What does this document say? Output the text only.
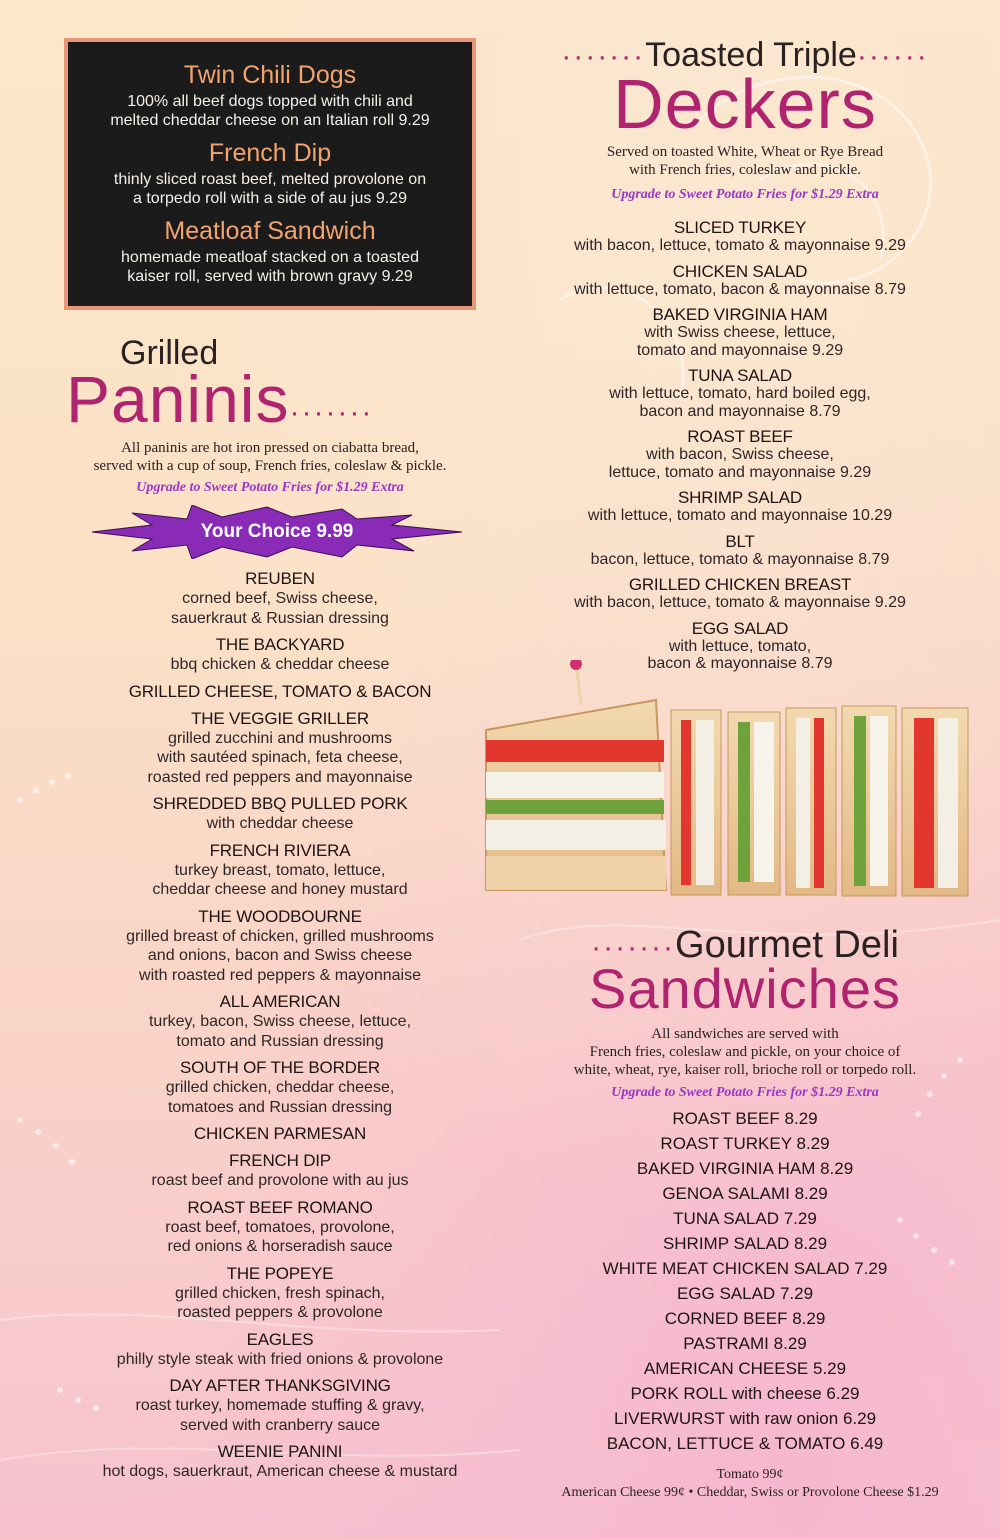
Twin Chili Dogs
100% all beef dogs topped with chili and
melted cheddar cheese on an Italian roll 9.29
French Dip
thinly sliced roast beef, melted provolone on
a torpedo roll with a side of au jus 9.29
Meatloaf Sandwich
homemade meatloaf stacked on a toasted
kaiser roll, served with brown gravy 9.29
Grilled
Paninis·······
All paninis are hot iron pressed on ciabatta bread,
served with a cup of soup, French fries, coleslaw & pickle.
Upgrade to Sweet Potato Fries for $1.29 Extra
Your Choice 9.99
REUBEN
corned beef, Swiss cheese,
sauerkraut & Russian dressing
THE BACKYARD
bbq chicken & cheddar cheese
GRILLED CHEESE, TOMATO & BACON
THE VEGGIE GRILLER
grilled zucchini and mushrooms
with sautéed spinach, feta cheese,
roasted red peppers and mayonnaise
SHREDDED BBQ PULLED PORK
with cheddar cheese
FRENCH RIVIERA
turkey breast, tomato, lettuce,
cheddar cheese and honey mustard
THE WOODBOURNE
grilled breast of chicken, grilled mushrooms
and onions, bacon and Swiss cheese
with roasted red peppers & mayonnaise
ALL AMERICAN
turkey, bacon, Swiss cheese, lettuce,
tomato and Russian dressing
SOUTH OF THE BORDER
grilled chicken, cheddar cheese,
tomatoes and Russian dressing
CHICKEN PARMESAN
FRENCH DIP
roast beef and provolone with au jus
ROAST BEEF ROMANO
roast beef, tomatoes, provolone,
red onions & horseradish sauce
THE POPEYE
grilled chicken, fresh spinach,
roasted peppers & provolone
EAGLES
philly style steak with fried onions & provolone
DAY AFTER THANKSGIVING
roast turkey, homemade stuffing & gravy,
served with cranberry sauce
WEENIE PANINI
hot dogs, sauerkraut, American cheese & mustard
·······Toasted Triple······
Deckers
Served on toasted White, Wheat or Rye Bread
with French fries, coleslaw and pickle.
Upgrade to Sweet Potato Fries for $1.29 Extra
SLICED TURKEY
with bacon, lettuce, tomato & mayonnaise 9.29
CHICKEN SALAD
with lettuce, tomato, bacon & mayonnaise 8.79
BAKED VIRGINIA HAM
with Swiss cheese, lettuce,
tomato and mayonnaise 9.29
TUNA SALAD
with lettuce, tomato, hard boiled egg,
bacon and mayonnaise 8.79
ROAST BEEF
with bacon, Swiss cheese,
lettuce, tomato and mayonnaise 9.29
SHRIMP SALAD
with lettuce, tomato and mayonnaise 10.29
BLT
bacon, lettuce, tomato & mayonnaise 8.79
GRILLED CHICKEN BREAST
with bacon, lettuce, tomato & mayonnaise 9.29
EGG SALAD
with lettuce, tomato,
bacon & mayonnaise 8.79
·······Gourmet Deli
Sandwiches
All sandwiches are served with
French fries, coleslaw and pickle, on your choice of
white, wheat, rye, kaiser roll, brioche roll or torpedo roll.
Upgrade to Sweet Potato Fries for $1.29 Extra
ROAST BEEF 8.29
ROAST TURKEY 8.29
BAKED VIRGINIA HAM 8.29
GENOA SALAMI 8.29
TUNA SALAD 7.29
SHRIMP SALAD 8.29
WHITE MEAT CHICKEN SALAD 7.29
EGG SALAD 7.29
CORNED BEEF 8.29
PASTRAMI 8.29
AMERICAN CHEESE 5.29
PORK ROLL with cheese 6.29
LIVERWURST with raw onion 6.29
BACON, LETTUCE & TOMATO 6.49
Tomato 99¢
American Cheese 99¢ • Cheddar, Swiss or Provolone Cheese $1.29
